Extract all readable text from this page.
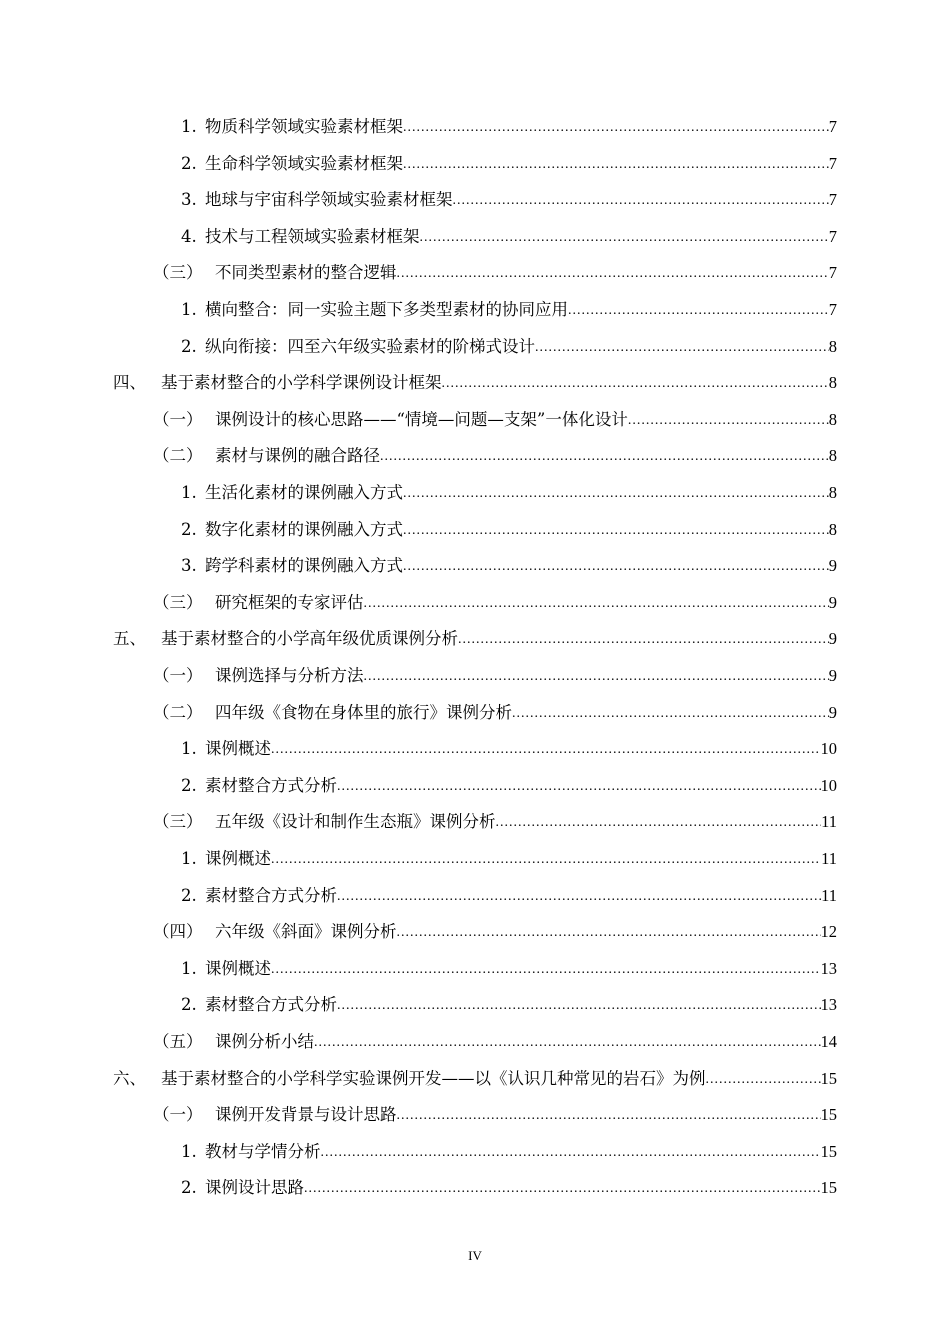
1. 物质科学领域实验素材框架 .....	7
2. 生命科学领域实验素材框架 .....	7
3. 地球与宇宙科学领域实验素材框架 .....	7
4. 技术与工程领域实验素材框架 .....	7
（三） 不同类型素材的整合逻辑 .....	7
1. 横向整合：同一实验主题下多类型素材的协同应用 .....	7
2. 纵向衔接：四至六年级实验素材的阶梯式设计 .....	8
四、 基于素材整合的小学科学课例设计框架 .....	8
（一） 课例设计的核心思路——“情境—问题—支架”一体化设计 .....	8
（二） 素材与课例的融合路径 .....	8
1. 生活化素材的课例融入方式 .....	8
2. 数字化素材的课例融入方式 .....	8
3. 跨学科素材的课例融入方式 .....	9
（三） 研究框架的专家评估 .....	9
五、 基于素材整合的小学高年级优质课例分析 .....	9
（一） 课例选择与分析方法 .....	9
（二） 四年级《食物在身体里的旅行》课例分析 .....	9
1. 课例概述 .....	10
2. 素材整合方式分析 .....	10
（三） 五年级《设计和制作生态瓶》课例分析 .....	11
1. 课例概述 .....	11
2. 素材整合方式分析 .....	11
（四） 六年级《斜面》课例分析 .....	12
1. 课例概述 .....	13
2. 素材整合方式分析 .....	13
（五） 课例分析小结 .....	14
六、 基于素材整合的小学科学实验课例开发——以《认识几种常见的岩石》为例 .....	15
（一） 课例开发背景与设计思路 .....	15
1. 教材与学情分析 .....	15
2. 课例设计思路 .....	15
IV
